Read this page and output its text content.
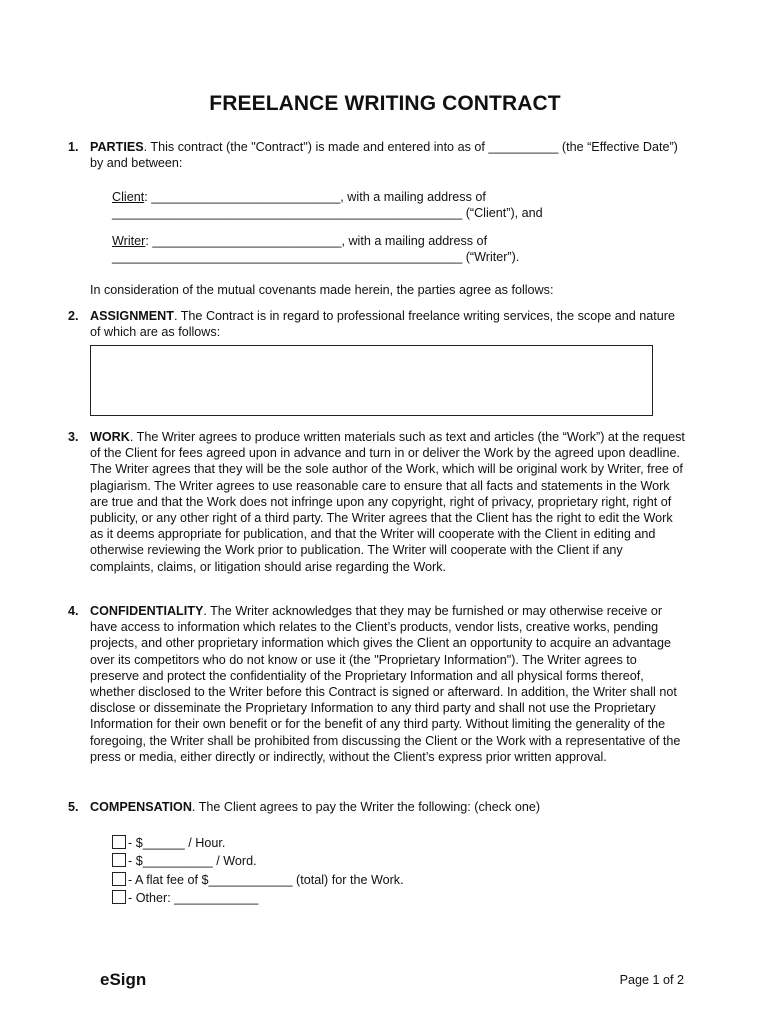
FREELANCE WRITING CONTRACT
1. PARTIES. This contract (the "Contract") is made and entered into as of __________ (the “Effective Date”) by and between:
Client: ___________________________, with a mailing address of
__________________________________________________ (“Client”), and
Writer: ___________________________, with a mailing address of
__________________________________________________ (“Writer”).
In consideration of the mutual covenants made herein, the parties agree as follows:
2. ASSIGNMENT. The Contract is in regard to professional freelance writing services, the scope and nature of which are as follows:
3. WORK. The Writer agrees to produce written materials such as text and articles (the “Work”) at the request of the Client for fees agreed upon in advance and turn in or deliver the Work by the agreed upon deadline. The Writer agrees that they will be the sole author of the Work, which will be original work by Writer, free of plagiarism. The Writer agrees to use reasonable care to ensure that all facts and statements in the Work are true and that the Work does not infringe upon any copyright, right of privacy, proprietary right, right of publicity, or any other right of a third party. The Writer agrees that the Client has the right to edit the Work as it deems appropriate for publication, and that the Writer will cooperate with the Client in editing and otherwise reviewing the Work prior to publication. The Writer will cooperate with the Client if any complaints, claims, or litigation should arise regarding the Work.
4. CONFIDENTIALITY. The Writer acknowledges that they may be furnished or may otherwise receive or have access to information which relates to the Client’s products, vendor lists, creative works, pending projects, and other proprietary information which gives the Client an opportunity to acquire an advantage over its competitors who do not know or use it (the "Proprietary Information"). The Writer agrees to preserve and protect the confidentiality of the Proprietary Information and all physical forms thereof, whether disclosed to the Writer before this Contract is signed or afterward. In addition, the Writer shall not disclose or disseminate the Proprietary Information to any third party and shall not use the Proprietary Information for their own benefit or for the benefit of any third party. Without limiting the generality of the foregoing, the Writer shall be prohibited from discussing the Client or the Work with a representative of the press or media, either directly or indirectly, without the Client’s express prior written approval.
5. COMPENSATION. The Client agrees to pay the Writer the following: (check one)
- $______ / Hour.
- $__________ / Word.
- A flat fee of $____________ (total) for the Work.
- Other: ____________
eSign	Page 1 of 2
